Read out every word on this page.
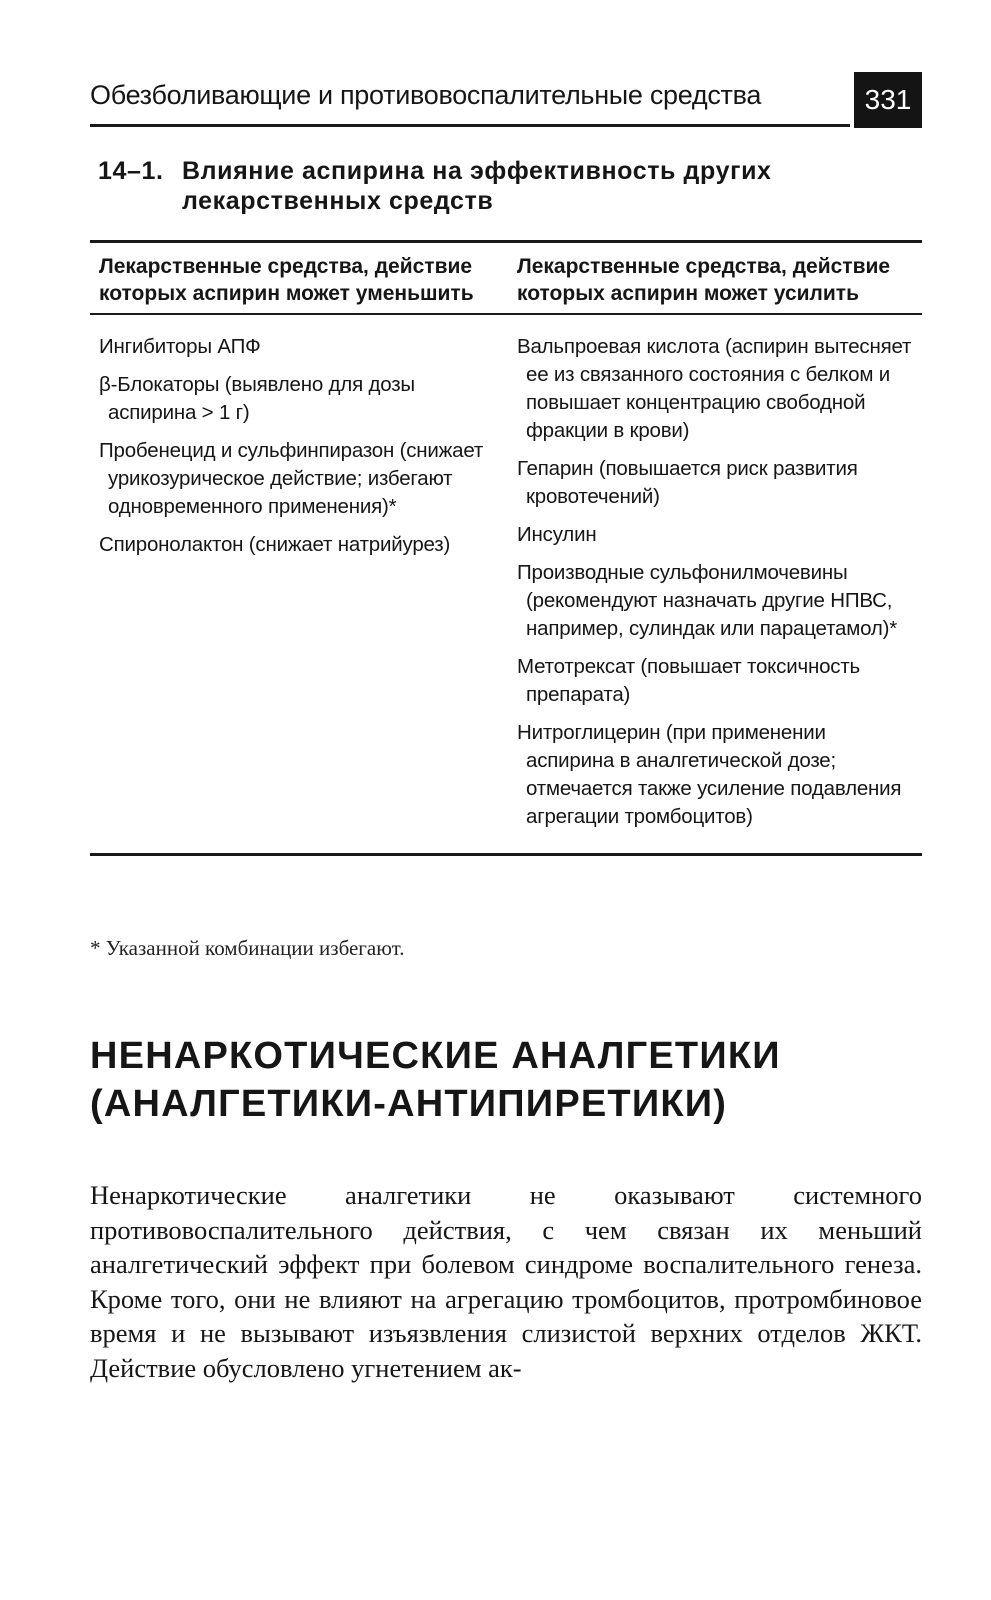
Обезболивающие и противовоспалительные средства	331
14–1. Влияние аспирина на эффективность других лекарственных средств
Лекарственные средства, действие которых аспирин может уменьшить
Лекарственные средства, действие которых аспирин может усилить
Ингибиторы АПФ
β-Блокаторы (выявлено для дозы аспирина > 1 г)
Пробенецид и сульфинпиразон (снижает урикозурическое действие; избегают одновременного применения)*
Спиронолактон (снижает натрийурез)
Вальпроевая кислота (аспирин вытесняет ее из связанного состояния с белком и повышает концентрацию свободной фракции в крови)
Гепарин (повышается риск развития кровотечений)
Инсулин
Производные сульфонилмочевины (рекомендуют назначать другие НПВС, например, сулиндак или парацетамол)*
Метотрексат (повышает токсичность препарата)
Нитроглицерин (при применении аспирина в аналгетической дозе; отмечается также усиление подавления агрегации тромбоцитов)
* Указанной комбинации избегают.
НЕНАРКОТИЧЕСКИЕ АНАЛГЕТИКИ
(АНАЛГЕТИКИ-АНТИПИРЕТИКИ)

Ненаркотические аналгетики не оказывают системного противовоспалительного действия, с чем связан их меньший аналгетический эффект при болевом синдроме воспалительного генеза. Кроме того, они не влияют на агрегацию тромбоцитов, протромбиновое время и не вызывают изъязвления слизистой верхних отделов ЖКТ. Действие обусловлено угнетением ак-
